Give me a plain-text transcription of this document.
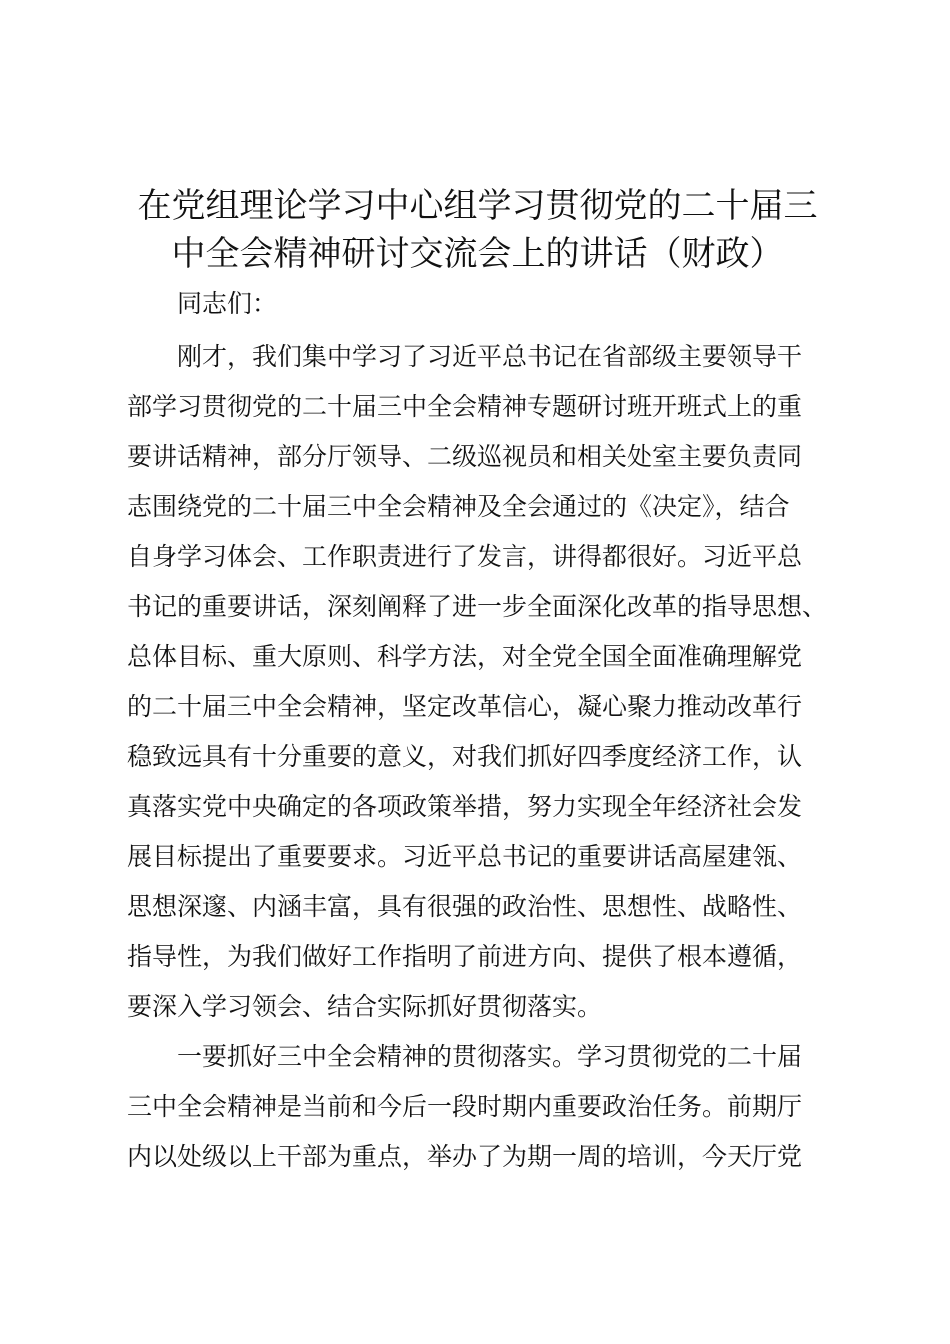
在党组理论学习中心组学习贯彻党的二十届三
中全会精神研讨交流会上的讲话（财政）

同志们：

刚才，我们集中学习了习近平总书记在省部级主要领导干
部学习贯彻党的二十届三中全会精神专题研讨班开班式上的重
要讲话精神，部分厅领导、二级巡视员和相关处室主要负责同
志围绕党的二十届三中全会精神及全会通过的《决定》，结合
自身学习体会、工作职责进行了发言，讲得都很好。习近平总
书记的重要讲话，深刻阐释了进一步全面深化改革的指导思想、
总体目标、重大原则、科学方法，对全党全国全面准确理解党
的二十届三中全会精神，坚定改革信心，凝心聚力推动改革行
稳致远具有十分重要的意义，对我们抓好四季度经济工作，认
真落实党中央确定的各项政策举措，努力实现全年经济社会发
展目标提出了重要要求。习近平总书记的重要讲话高屋建瓴、
思想深邃、内涵丰富，具有很强的政治性、思想性、战略性、
指导性，为我们做好工作指明了前进方向、提供了根本遵循，
要深入学习领会、结合实际抓好贯彻落实。
一要抓好三中全会精神的贯彻落实。学习贯彻党的二十届
三中全会精神是当前和今后一段时期内重要政治任务。前期厅
内以处级以上干部为重点，举办了为期一周的培训，今天厅党
